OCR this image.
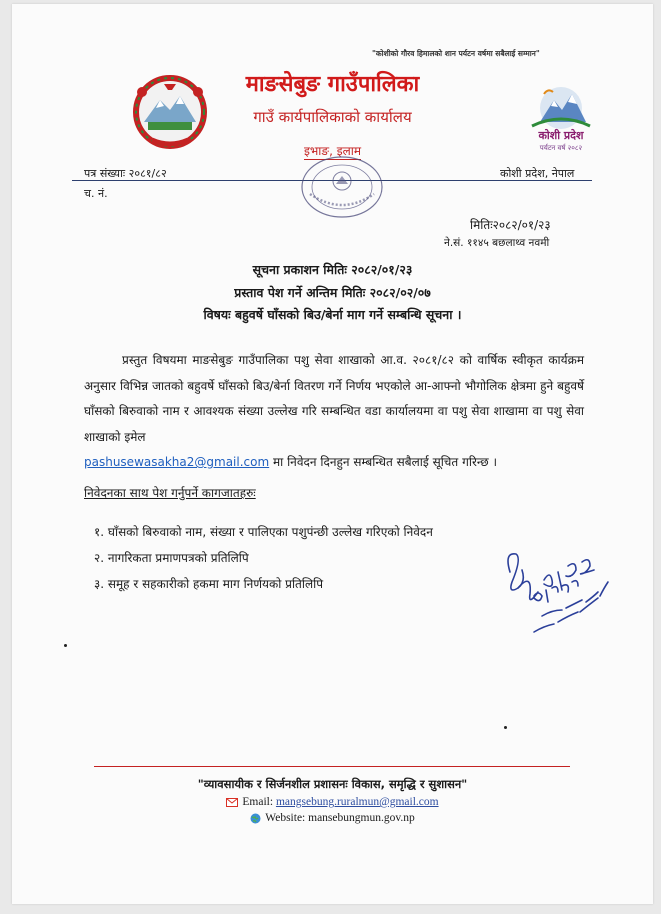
"कोशीको गौरव हिमालको शान पर्यटन वर्षमा सबैलाई सम्मान"
माङसेबुङ गाउँपालिका
गाउँ कार्यपालिकाको कार्यालय
इभाङ, इलाम
कोशी प्रदेश
पर्यटन वर्ष २०८२
पत्र संख्याः २०८१/८२
च. नं.
कोशी प्रदेश, नेपाल
मितिः२०८२/०१/२३
ने.सं. ११४५ बछलाथ्व नवमी
सूचना प्रकाशन मितिः २०८२/०१/२३
प्रस्ताव पेश गर्ने अन्तिम मितिः २०८२/०२/०७
विषयः बहुवर्षे घाँसको बिउ/बेर्ना माग गर्ने सम्बन्धि सूचना ।
प्रस्तुत विषयमा माङसेबुङ गाउँपालिका पशु सेवा शाखाको आ.व. २०८१/८२ को वार्षिक स्वीकृत कार्यक्रम अनुसार विभिन्न जातको बहुवर्षे घाँसको बिउ/बेर्ना वितरण गर्ने निर्णय भएकोले आ-आफ्नो भौगोलिक क्षेत्रमा हुने बहुवर्षे घाँसको बिरुवाको नाम र आवश्यक संख्या उल्लेख गरि सम्बन्धित वडा कार्यालयमा वा पशु सेवा शाखामा वा पशु सेवा शाखाको इमेल
pashusewasakha2@gmail.com मा निवेदन दिनहुन सम्बन्धित सबैलाई सूचित गरिन्छ ।
निवेदनका साथ पेश गर्नुपर्ने कागजातहरुः
१. घाँसको बिरुवाको नाम, संख्या र पालिएका पशुपंन्छी उल्लेख गरिएको निवेदन
२. नागरिकता प्रमाणपत्रको प्रतिलिपि
३. समूह र सहकारीको हकमा माग निर्णयको प्रतिलिपि
"व्यावसायीक र सिर्जनशील प्रशासनः विकास, समृद्धि र सुशासन"
Email: mangsebung.ruralmun@gmail.com
Website: mansebungmun.gov.np
